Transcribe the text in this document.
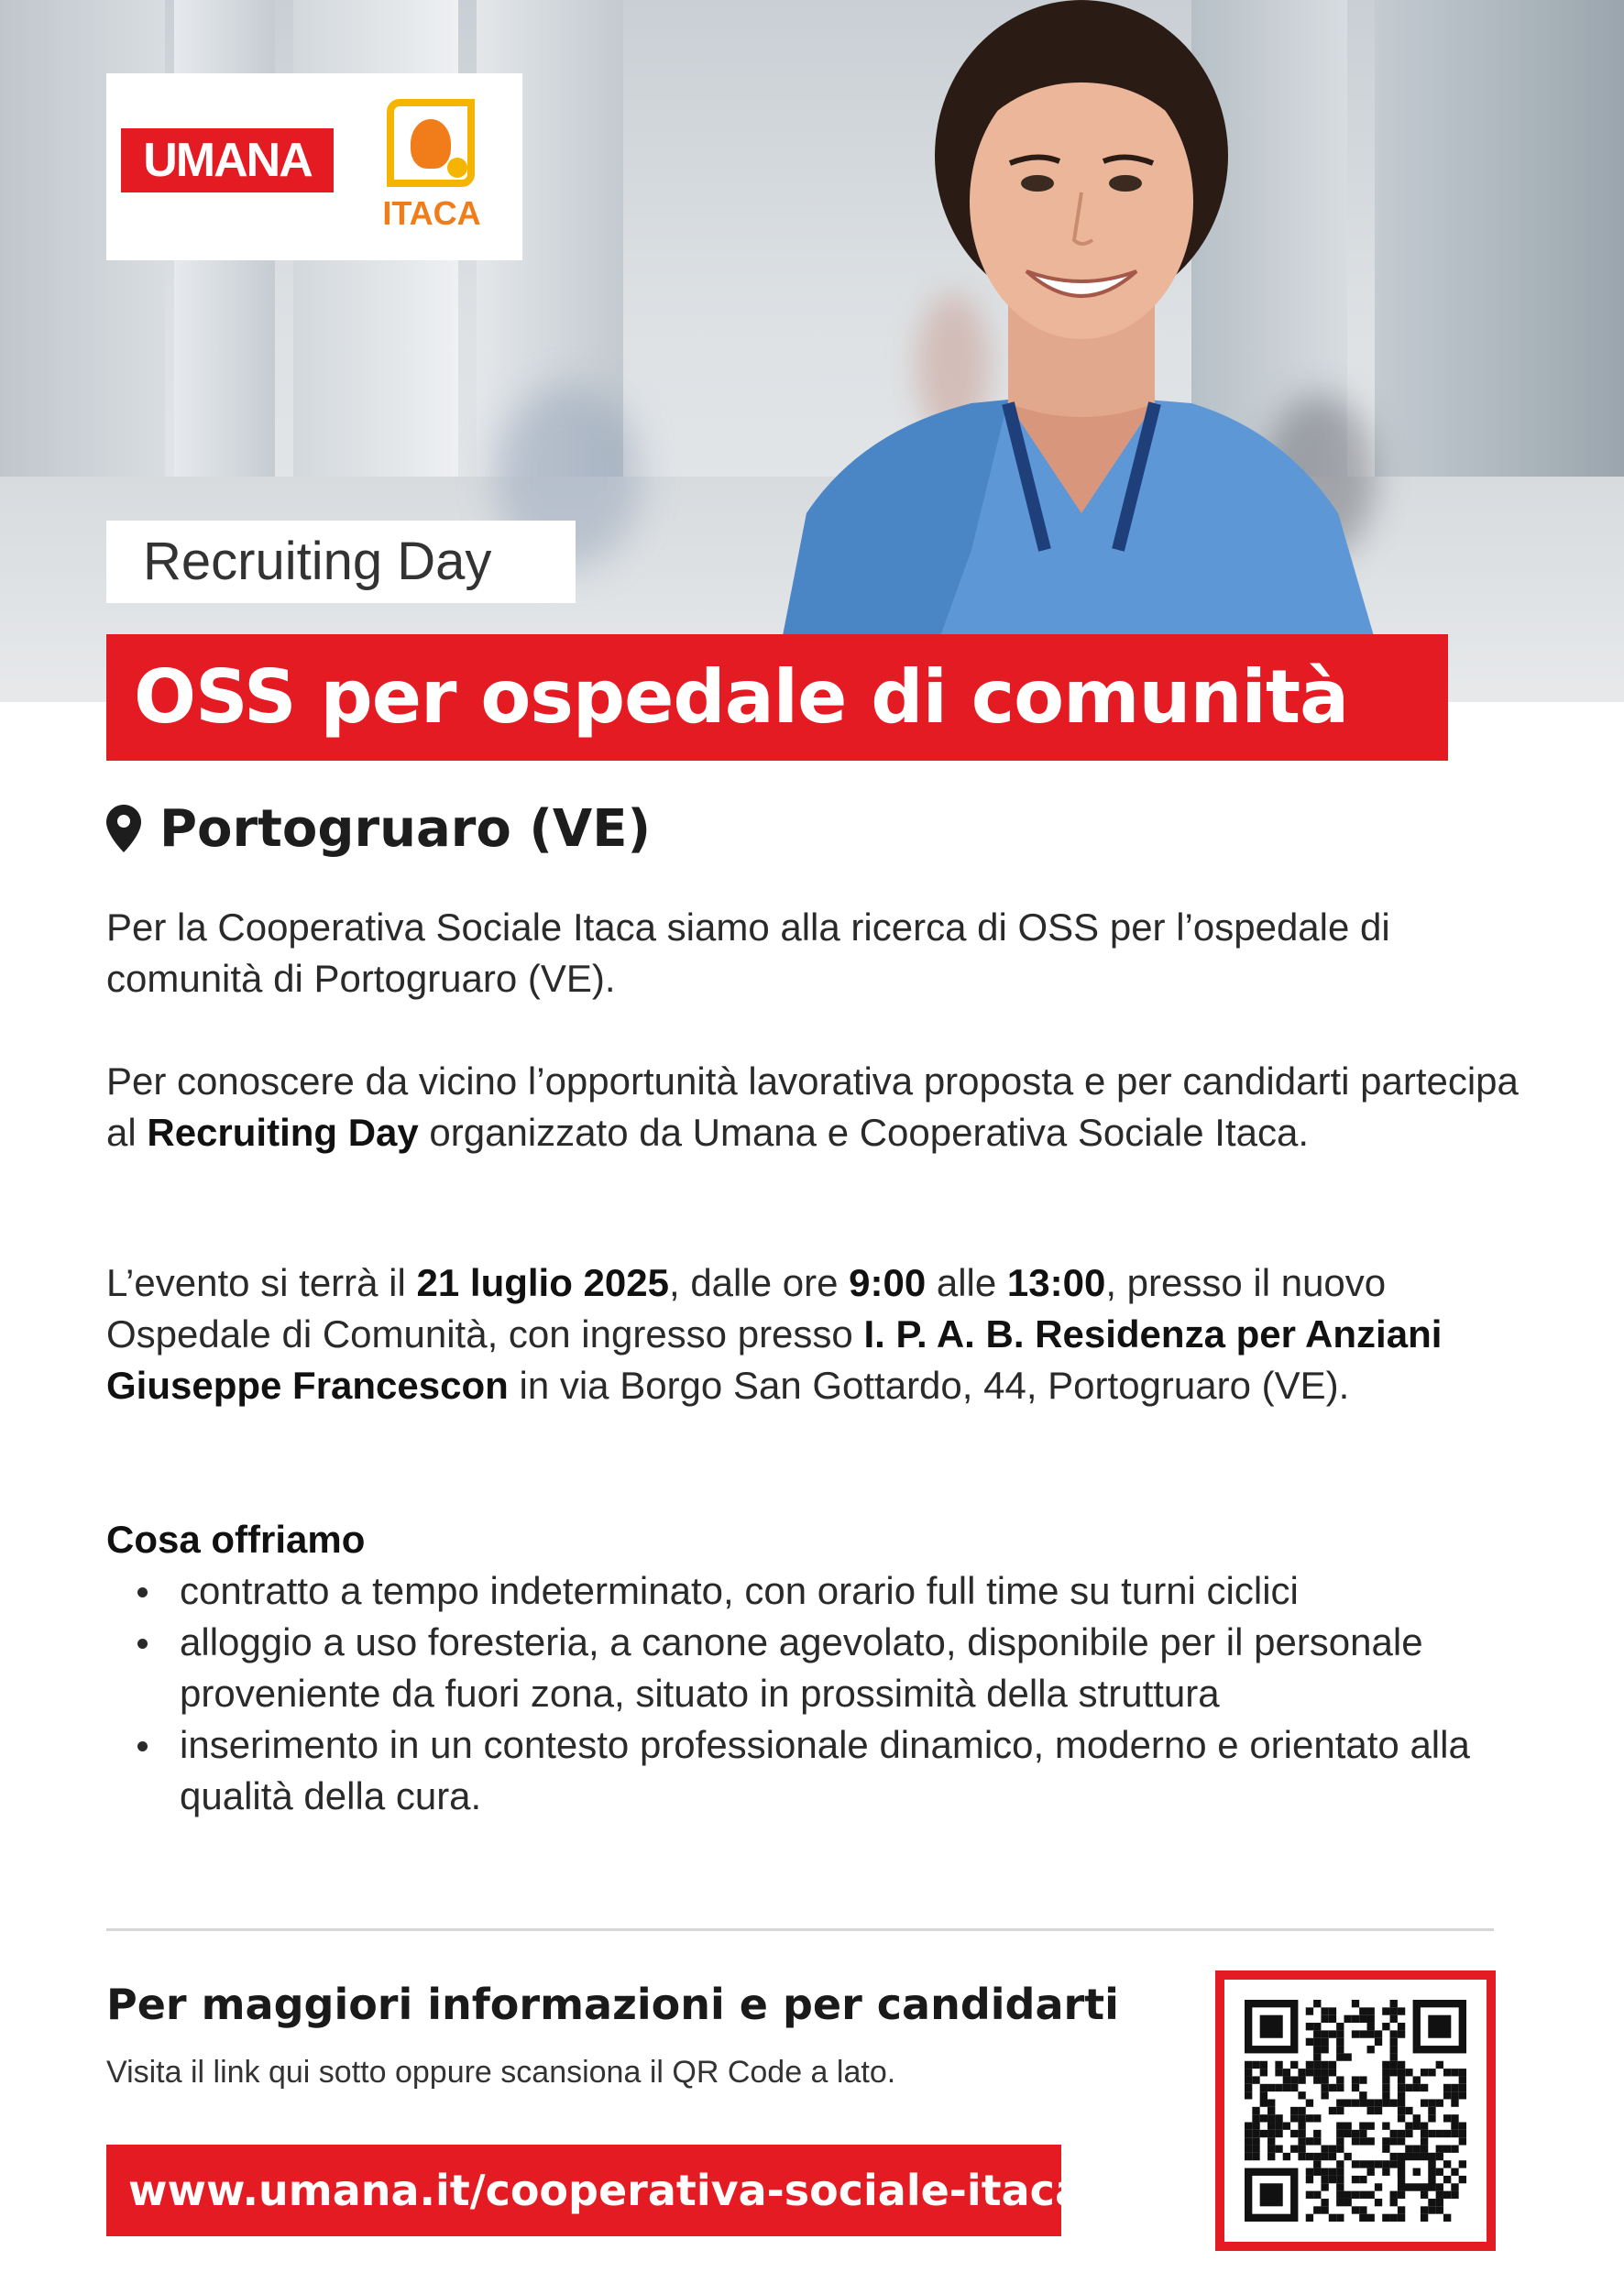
UMANA
ITACA
Recruiting Day
OSS per ospedale di comunità
Portogruaro (VE)
Per la Cooperativa Sociale Itaca siamo alla ricerca di OSS per l’ospedale di comunità di Portogruaro (VE).
Per conoscere da vicino l’opportunità lavorativa proposta e per candidarti partecipa al Recruiting Day organizzato da Umana e Cooperativa Sociale Itaca.
L’evento si terrà il 21 luglio 2025, dalle ore 9:00 alle 13:00, presso il nuovo Ospedale di Comunità, con ingresso presso I. P. A. B. Residenza per Anziani Giuseppe Francescon in via Borgo San Gottardo, 44, Portogruaro (VE).
Cosa offriamo
contratto a tempo indeterminato, con orario full time su turni ciclici
alloggio a uso foresteria, a canone agevolato, disponibile per il personale proveniente da fuori zona, situato in prossimità della struttura
inserimento in un contesto professionale dinamico, moderno e orientato alla qualità della cura.
Per maggiori informazioni e per candidarti
Visita il link qui sotto oppure scansiona il QR Code a lato.
www.umana.it/cooperativa-sociale-itaca
